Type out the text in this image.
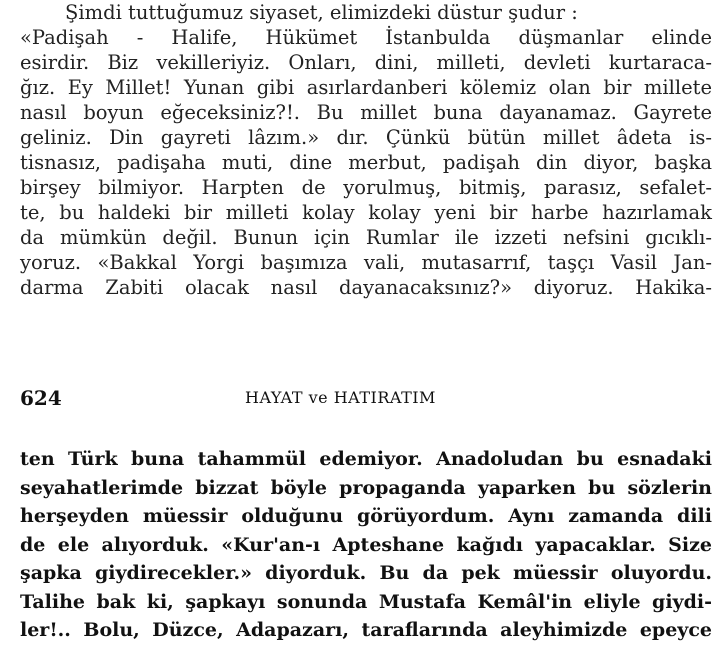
Şimdi tuttuğumuz siyaset, elimizdeki düstur şudur :
«Padişah - Halife, Hükümet İstanbulda düşmanlar elinde
esirdir. Biz vekilleriyiz. Onları, dini, milleti, devleti kurtaraca-
ğız. Ey Millet! Yunan gibi asırlardanberi kölemiz olan bir millete
nasıl boyun eğeceksiniz?!. Bu millet buna dayanamaz. Gayrete
geliniz. Din gayreti lâzım.» dır. Çünkü bütün millet âdeta is-
tisnasız, padişaha muti, dine merbut, padişah din diyor, başka
birşey bilmiyor. Harpten de yorulmuş, bitmiş, parasız, sefalet-
te, bu haldeki bir milleti kolay kolay yeni bir harbe hazırlamak
da mümkün değil. Bunun için Rumlar ile izzeti nefsini gıcıklı-
yoruz. «Bakkal Yorgi başımıza vali, mutasarrıf, taşçı Vasil Jan-
darma Zabiti olacak nasıl dayanacaksınız?» diyoruz. Hakika-
624	HAYAT ve HATIRATIM
ten Türk buna tahammül edemiyor. Anadoludan bu esnadaki
seyahatlerimde bizzat böyle propaganda yaparken bu sözlerin
herşeyden müessir olduğunu görüyordum. Aynı zamanda dili
de ele alıyorduk. «Kur'an-ı Apteshane kağıdı yapacaklar. Size
şapka giydirecekler.» diyorduk. Bu da pek müessir oluyordu.
Talihe bak ki, şapkayı sonunda Mustafa Kemâl'in eliyle giydi-
ler!.. Bolu, Düzce, Adapazarı, taraflarında aleyhimizde epeyce
